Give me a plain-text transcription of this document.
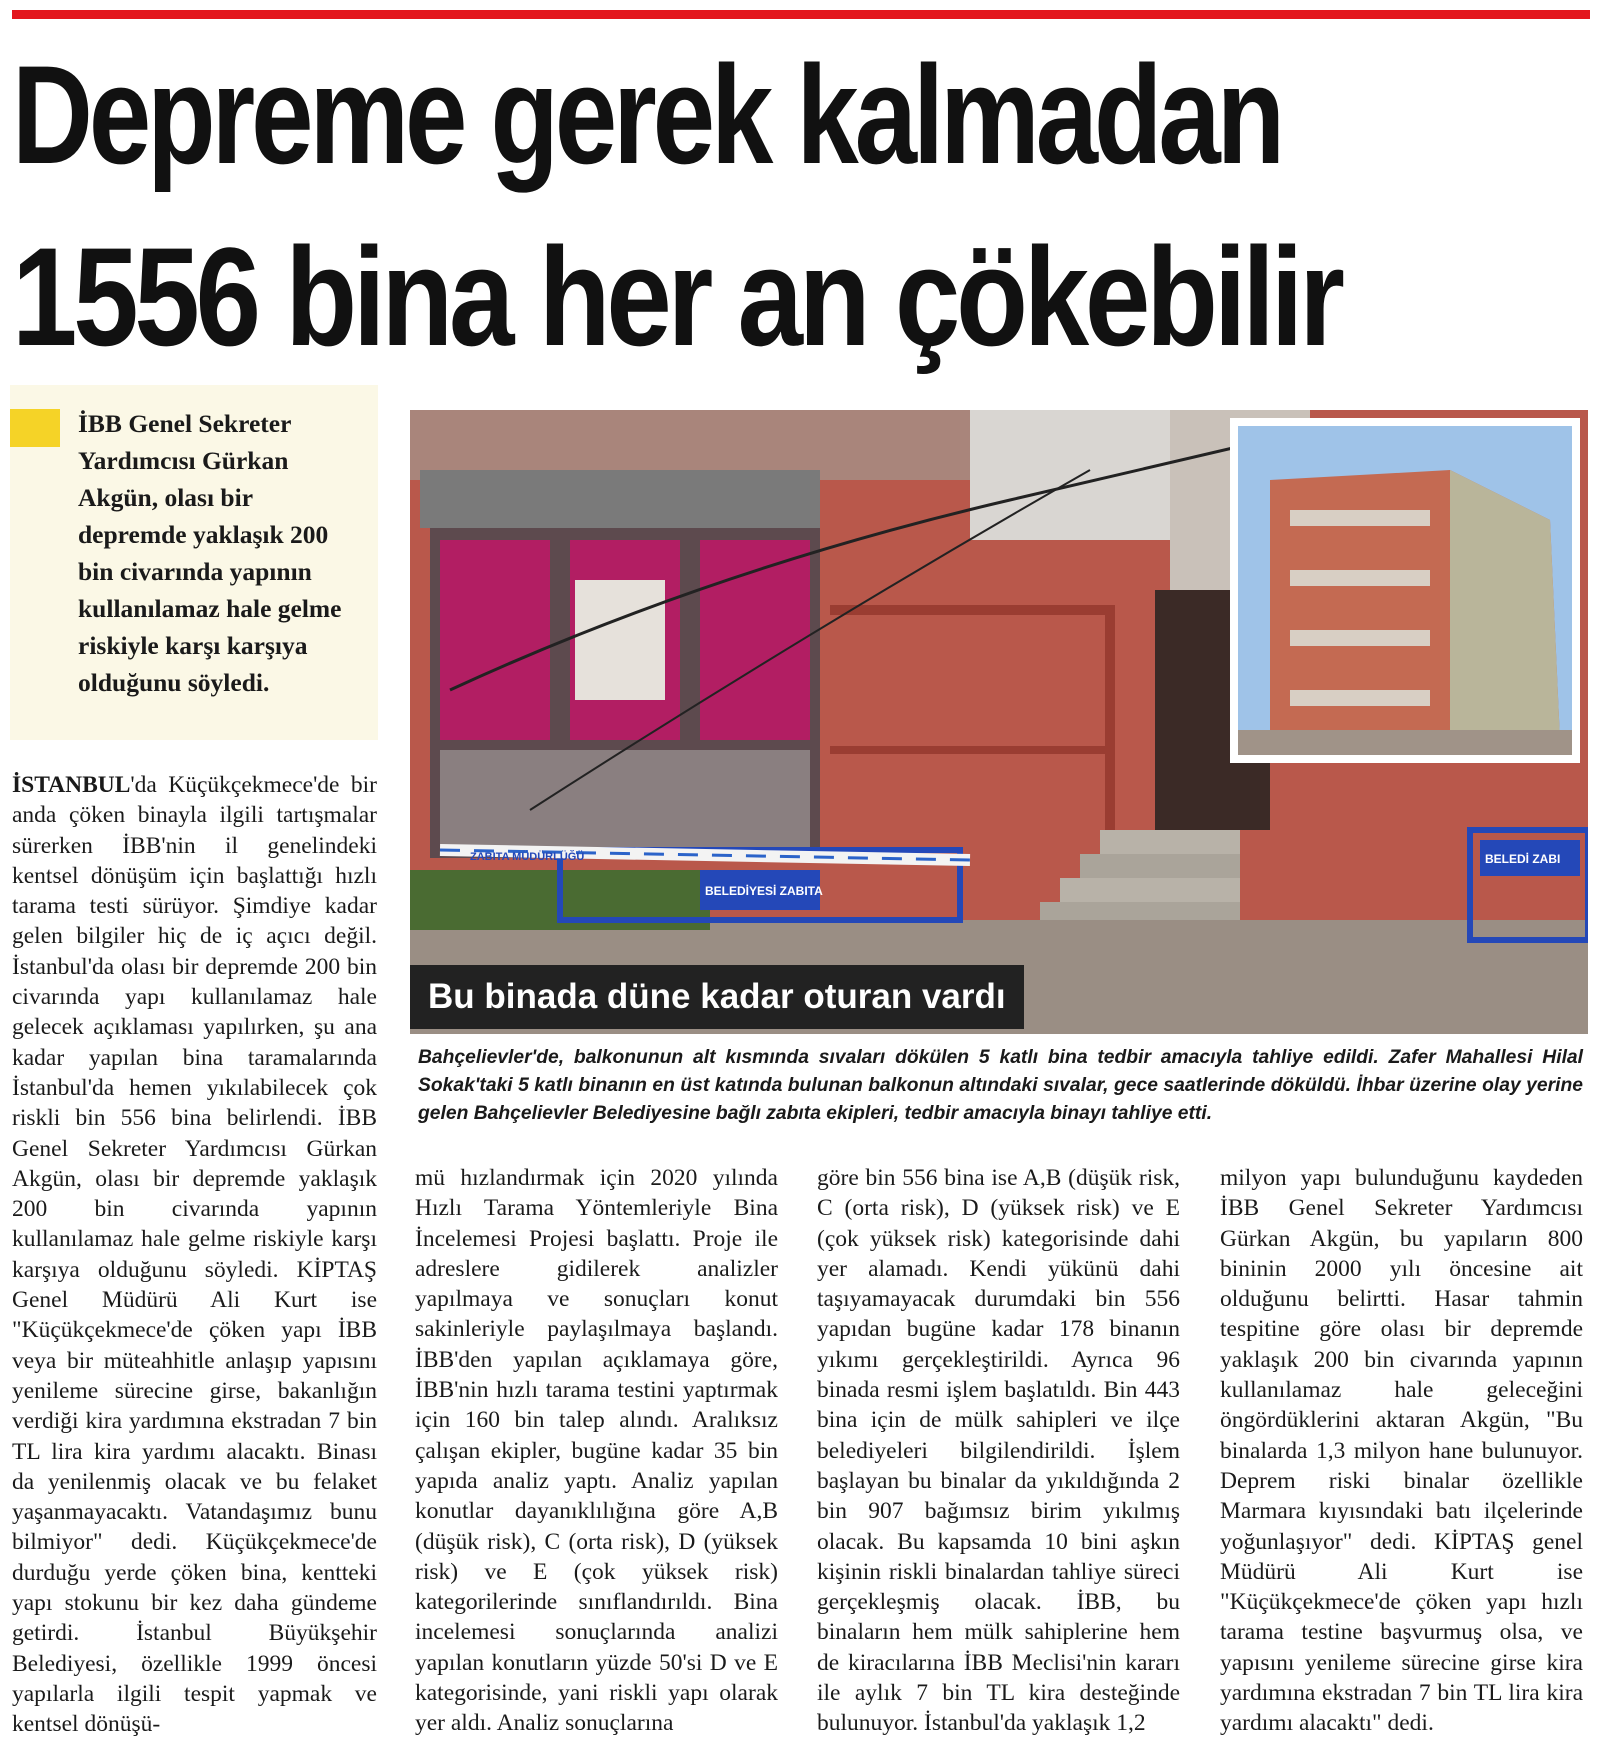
Depreme gerek kalmadan
1556 bina her an çökebilir

İBB Genel Sekreter Yardımcısı Gürkan Akgün, olası bir depremde yaklaşık 200 bin civarında yapının kullanılamaz hale gelme riskiyle karşı karşıya olduğunu söyledi.

ZABITA MÜDÜRLÜĞÜ
BELEDİYESİ ZABITA
BELEDİ ZABI
Bu binada düne kadar oturan vardı

Bahçelievler'de, balkonunun alt kısmında sıvaları dökülen 5 katlı bina tedbir amacıyla tahliye edildi. Zafer Mahallesi Hilal Sokak'taki 5 katlı binanın en üst katında bulunan balkonun altındaki sıvalar, gece saatlerinde döküldü. İhbar üzerine olay yerine gelen Bahçelievler Belediyesine bağlı zabıta ekipleri, tedbir amacıyla binayı tahliye etti.

İSTANBUL'da Küçükçekmece'de bir anda çöken binayla ilgili tartışmalar sürerken İBB'nin il genelindeki kentsel dönüşüm için başlattığı hızlı tarama testi sürüyor. Şimdiye kadar gelen bilgiler hiç de iç açıcı değil. İstanbul'da olası bir depremde 200 bin civarında yapı kullanılamaz hale gelecek açıklaması yapılırken, şu ana kadar yapılan bina taramalarında İstanbul'da hemen yıkılabilecek çok riskli bin 556 bina belirlendi. İBB Genel Sekreter Yardımcısı Gürkan Akgün, olası bir depremde yaklaşık 200 bin civarında yapının kullanılamaz hale gelme riskiyle karşı karşıya olduğunu söyledi. KİPTAŞ Genel Müdürü Ali Kurt ise "Küçükçekmece'de çöken yapı İBB veya bir müteahhitle anlaşıp yapısını yenileme sürecine girse, bakanlığın verdiği kira yardımına ekstradan 7 bin TL lira kira yardımı alacaktı. Binası da yenilenmiş olacak ve bu felaket yaşanmayacaktı. Vatandaşımız bunu bilmiyor" dedi. Küçükçekmece'de durduğu yerde çöken bina, kentteki yapı stokunu bir kez daha gündeme getirdi. İstanbul Büyükşehir Belediyesi, özellikle 1999 öncesi yapılarla ilgili tespit yapmak ve kentsel dönüşü-

mü hızlandırmak için 2020 yılında Hızlı Tarama Yöntemleriyle Bina İncelemesi Projesi başlattı. Proje ile adreslere gidilerek analizler yapılmaya ve sonuçları konut sakinleriyle paylaşılmaya başlandı. İBB'den yapılan açıklamaya göre, İBB'nin hızlı tarama testini yaptırmak için 160 bin talep alındı. Aralıksız çalışan ekipler, bugüne kadar 35 bin yapıda analiz yaptı. Analiz yapılan konutlar dayanıklılığına göre A,B (düşük risk), C (orta risk), D (yüksek risk) ve E (çok yüksek risk) kategorilerinde sınıflandırıldı. Bina incelemesi sonuçlarında analizi yapılan konutların yüzde 50'si D ve E kategorisinde, yani riskli yapı olarak yer aldı. Analiz sonuçlarına

göre bin 556 bina ise A,B (düşük risk, C (orta risk), D (yüksek risk) ve E (çok yüksek risk) kategorisinde dahi yer alamadı. Kendi yükünü dahi taşıyamayacak durumdaki bin 556 yapıdan bugüne kadar 178 binanın yıkımı gerçekleştirildi. Ayrıca 96 binada resmi işlem başlatıldı. Bin 443 bina için de mülk sahipleri ve ilçe belediyeleri bilgilendirildi. İşlem başlayan bu binalar da yıkıldığında 2 bin 907 bağımsız birim yıkılmış olacak. Bu kapsamda 10 bini aşkın kişinin riskli binalardan tahliye süreci gerçekleşmiş olacak. İBB, bu binaların hem mülk sahiplerine hem de kiracılarına İBB Meclisi'nin kararı ile aylık 7 bin TL kira desteğinde bulunuyor. İstanbul'da yaklaşık 1,2

milyon yapı bulunduğunu kaydeden İBB Genel Sekreter Yardımcısı Gürkan Akgün, bu yapıların 800 bininin 2000 yılı öncesine ait olduğunu belirtti. Hasar tahmin tespitine göre olası bir depremde yaklaşık 200 bin civarında yapının kullanılamaz hale geleceğini öngördüklerini aktaran Akgün, "Bu binalarda 1,3 milyon hane bulunuyor. Deprem riski binalar özellikle Marmara kıyısındaki batı ilçelerinde yoğunlaşıyor" dedi. KİPTAŞ genel Müdürü Ali Kurt ise "Küçükçekmece'de çöken yapı hızlı tarama testine başvurmuş olsa, ve yapısını yenileme sürecine girse kira yardımına ekstradan 7 bin TL lira kira yardımı alacaktı" dedi.
